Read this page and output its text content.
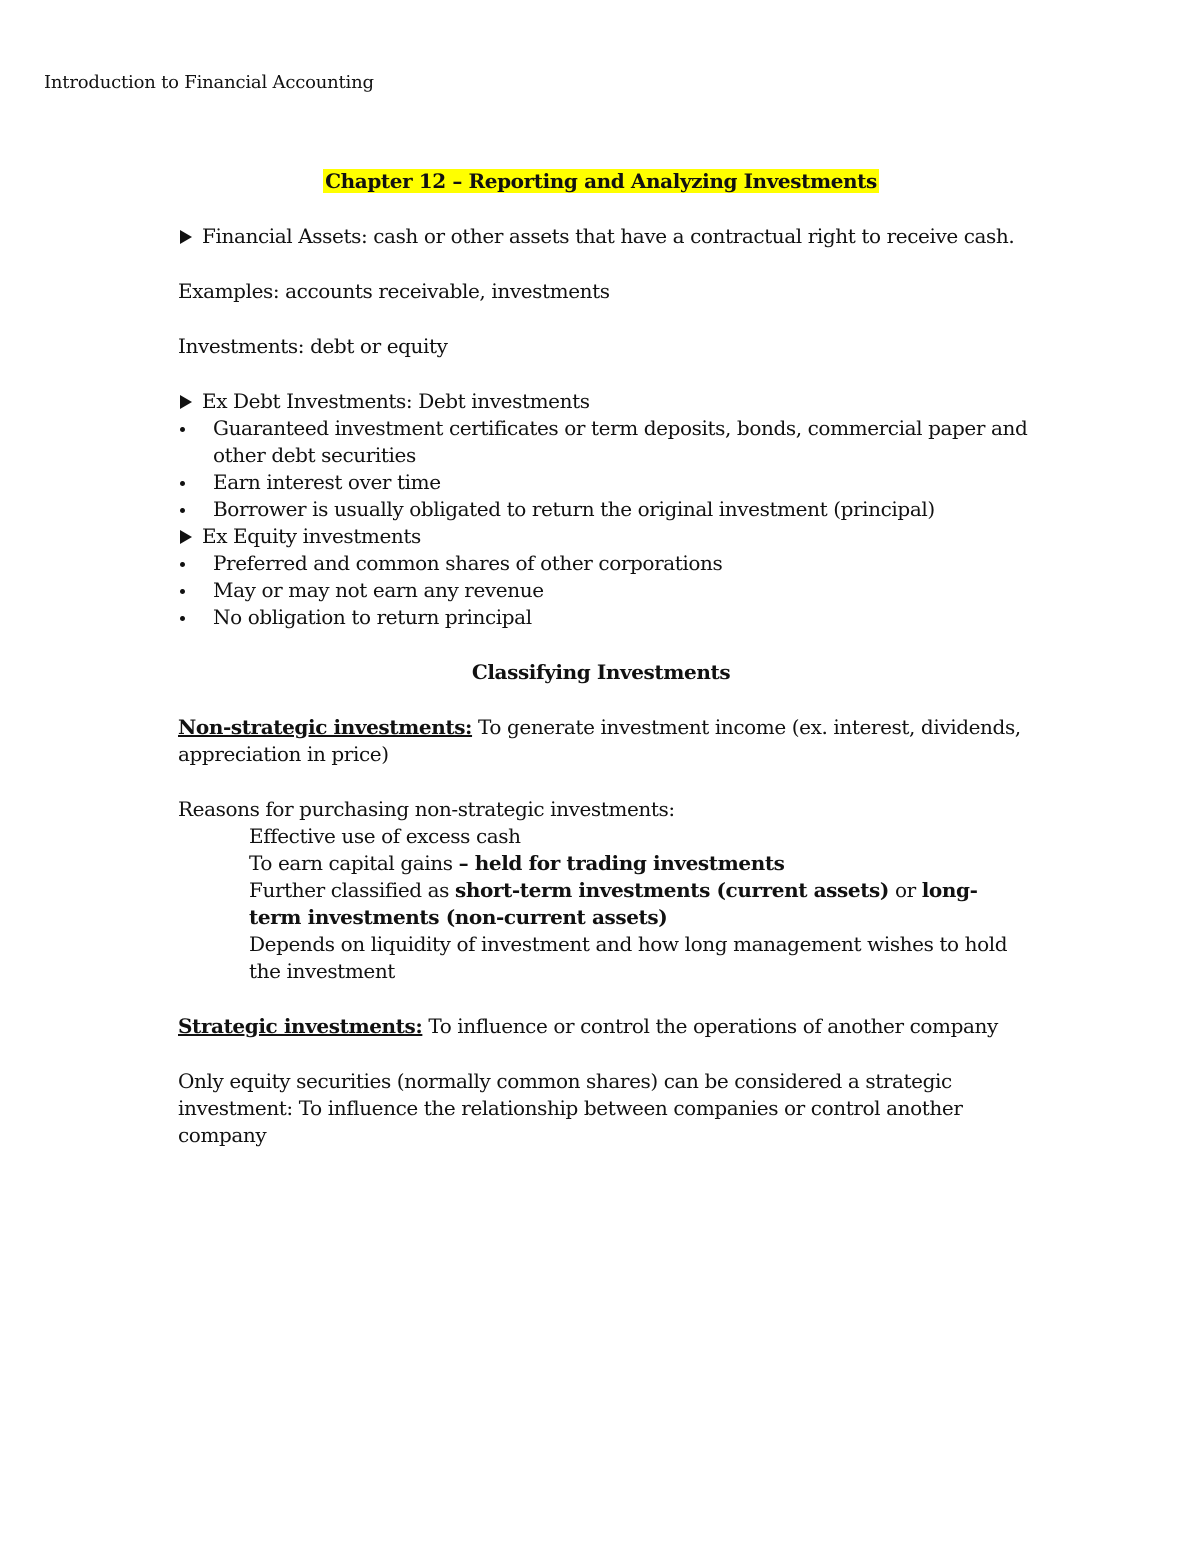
Introduction to Financial Accounting

Chapter 12 – Reporting and Analyzing Investments

Financial Assets: cash or other assets that have a contractual right to receive cash.

Examples: accounts receivable, investments

Investments: debt or equity

Ex Debt Investments: Debt investments

Guaranteed investment certificates or term deposits, bonds, commercial paper and other debt securities
Earn interest over time
Borrower is usually obligated to return the original investment (principal)

Ex Equity investments

Preferred and common shares of other corporations
May or may not earn any revenue
No obligation to return principal

Classifying Investments

Non-strategic investments: To generate investment income (ex. interest, dividends, appreciation in price)

Reasons for purchasing non-strategic investments:

Effective use of excess cash

To earn capital gains – held for trading investments

Further classified as short-term investments (current assets) or long-term investments (non-current assets)

Depends on liquidity of investment and how long management wishes to hold the investment

Strategic investments: To influence or control the operations of another company

Only equity securities (normally common shares) can be considered a strategic investment: To influence the relationship between companies or control another company
